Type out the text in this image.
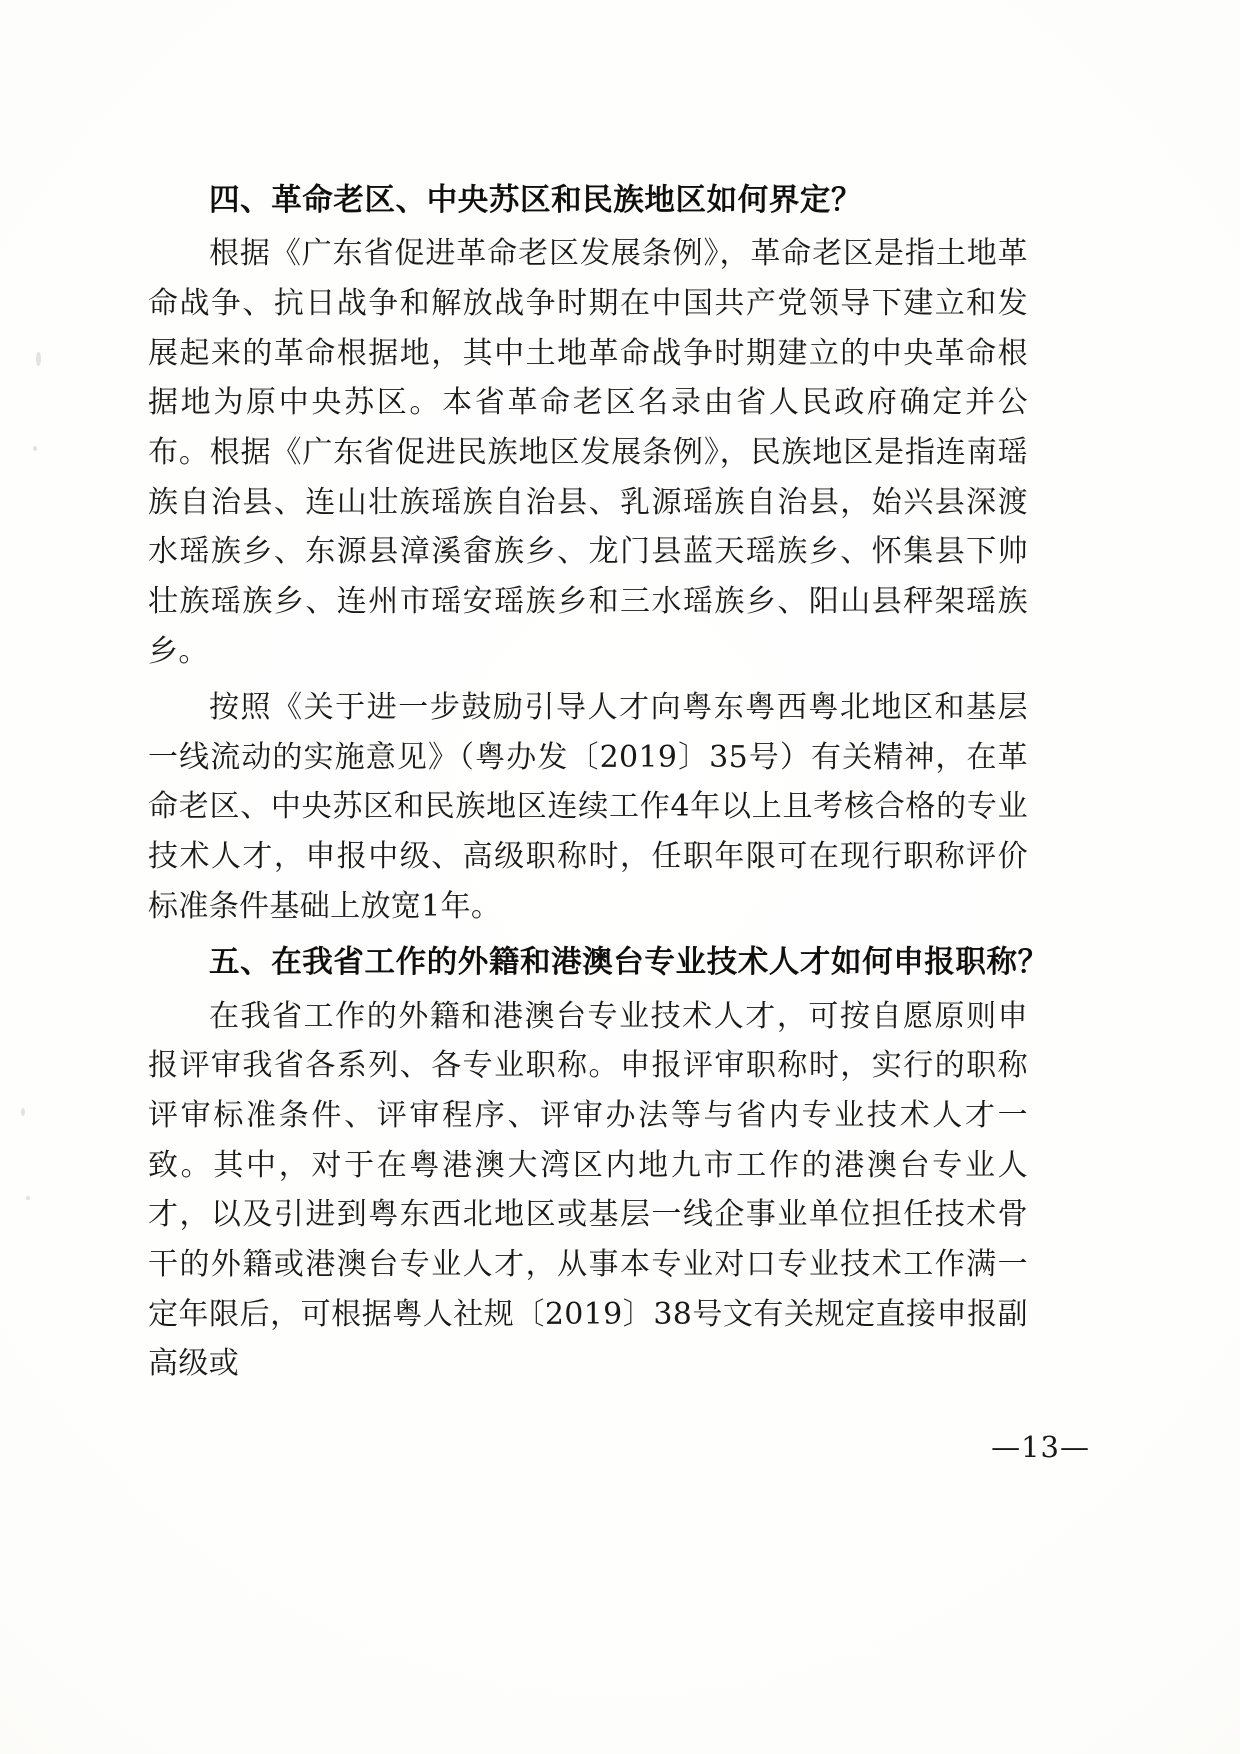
四、革命老区、中央苏区和民族地区如何界定？

根据《广东省促进革命老区发展条例》，革命老区是指土地革命战争、抗日战争和解放战争时期在中国共产党领导下建立和发展起来的革命根据地，其中土地革命战争时期建立的中央革命根据地为原中央苏区。本省革命老区名录由省人民政府确定并公布。根据《广东省促进民族地区发展条例》，民族地区是指连南瑶族自治县、连山壮族瑶族自治县、乳源瑶族自治县，始兴县深渡水瑶族乡、东源县漳溪畲族乡、龙门县蓝天瑶族乡、怀集县下帅壮族瑶族乡、连州市瑶安瑶族乡和三水瑶族乡、阳山县秤架瑶族乡。

按照《关于进一步鼓励引导人才向粤东粤西粤北地区和基层一线流动的实施意见》（粤办发〔2019〕35号）有关精神，在革命老区、中央苏区和民族地区连续工作4年以上且考核合格的专业技术人才，申报中级、高级职称时，任职年限可在现行职称评价标准条件基础上放宽1年。

五、在我省工作的外籍和港澳台专业技术人才如何申报职称？

在我省工作的外籍和港澳台专业技术人才，可按自愿原则申报评审我省各系列、各专业职称。申报评审职称时，实行的职称评审标准条件、评审程序、评审办法等与省内专业技术人才一致。其中，对于在粤港澳大湾区内地九市工作的港澳台专业人才，以及引进到粤东西北地区或基层一线企事业单位担任技术骨干的外籍或港澳台专业人才，从事本专业对口专业技术工作满一定年限后，可根据粤人社规〔2019〕38号文有关规定直接申报副高级或

—13—
